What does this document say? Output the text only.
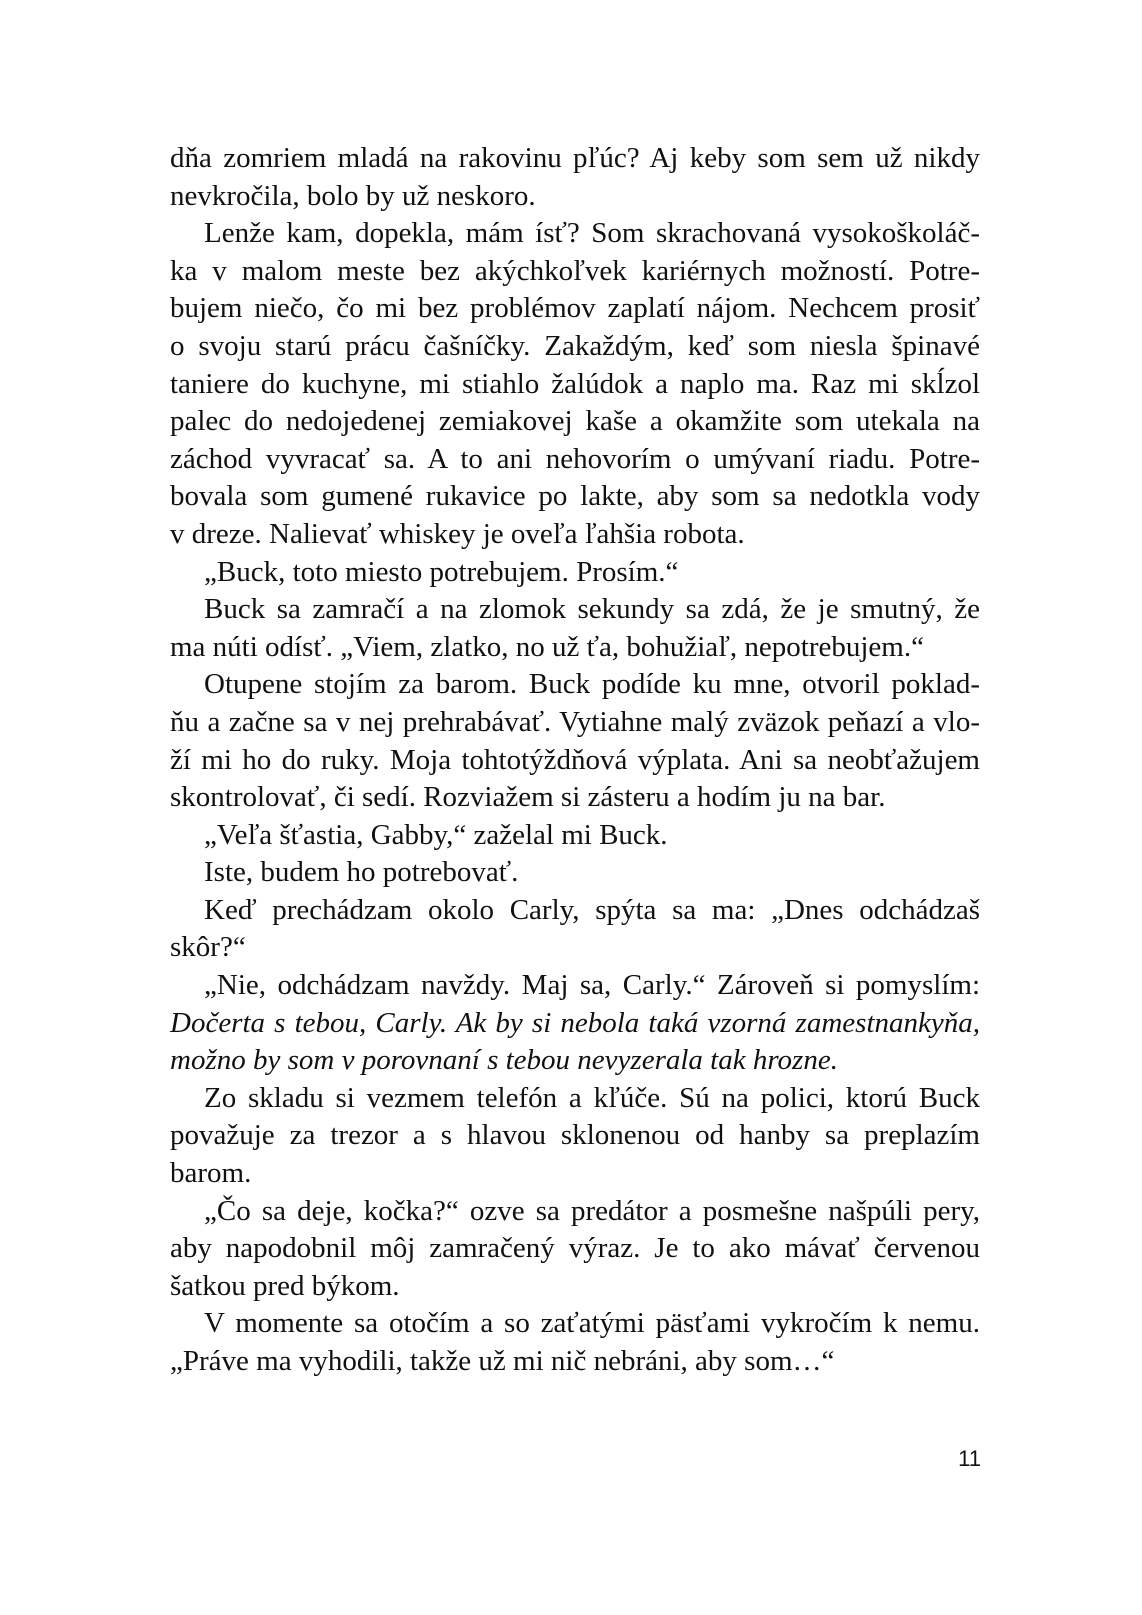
dňa zomriem mladá na rakovinu pľúc? Aj keby som sem už nikdy
nevkročila, bolo by už neskoro.
Lenže kam, dopekla, mám ísť? Som skrachovaná vysokoškoláč-
ka v malom meste bez akýchkoľvek kariérnych možností. Potre-
bujem niečo, čo mi bez problémov zaplatí nájom. Nechcem prosiť
o svoju starú prácu čašníčky. Zakaždým, keď som niesla špinavé
taniere do kuchyne, mi stiahlo žalúdok a naplo ma. Raz mi skĺzol
palec do nedojedenej zemiakovej kaše a okamžite som utekala na
záchod vyvracať sa. A to ani nehovorím o umývaní riadu. Potre-
bovala som gumené rukavice po lakte, aby som sa nedotkla vody
v dreze. Nalievať whiskey je oveľa ľahšia robota.
„Buck, toto miesto potrebujem. Prosím.“
Buck sa zamračí a na zlomok sekundy sa zdá, že je smutný, že
ma núti odísť. „Viem, zlatko, no už ťa, bohužiaľ, nepotrebujem.“
Otupene stojím za barom. Buck podíde ku mne, otvoril poklad-
ňu a začne sa v nej prehrabávať. Vytiahne malý zväzok peňazí a vlo-
ží mi ho do ruky. Moja tohtotýždňová výplata. Ani sa neobťažujem
skontrolovať, či sedí. Rozviažem si zásteru a hodím ju na bar.
„Veľa šťastia, Gabby,“ zaželal mi Buck.
Iste, budem ho potrebovať.
Keď prechádzam okolo Carly, spýta sa ma: „Dnes odchádzaš
skôr?“
„Nie, odchádzam navždy. Maj sa, Carly.“ Zároveň si pomyslím:
Dočerta s tebou, Carly. Ak by si nebola taká vzorná zamestnankyňa,
možno by som v porovnaní s tebou nevyzerala tak hrozne.
Zo skladu si vezmem telefón a kľúče. Sú na polici, ktorú Buck
považuje za trezor a s hlavou sklonenou od hanby sa preplazím
barom.
„Čo sa deje, kočka?“ ozve sa predátor a posmešne našpúli pery,
aby napodobnil môj zamračený výraz. Je to ako mávať červenou
šatkou pred býkom.
V momente sa otočím a so zaťatými päsťami vykročím k nemu.
„Práve ma vyhodili, takže už mi nič nebráni, aby som…“
11
